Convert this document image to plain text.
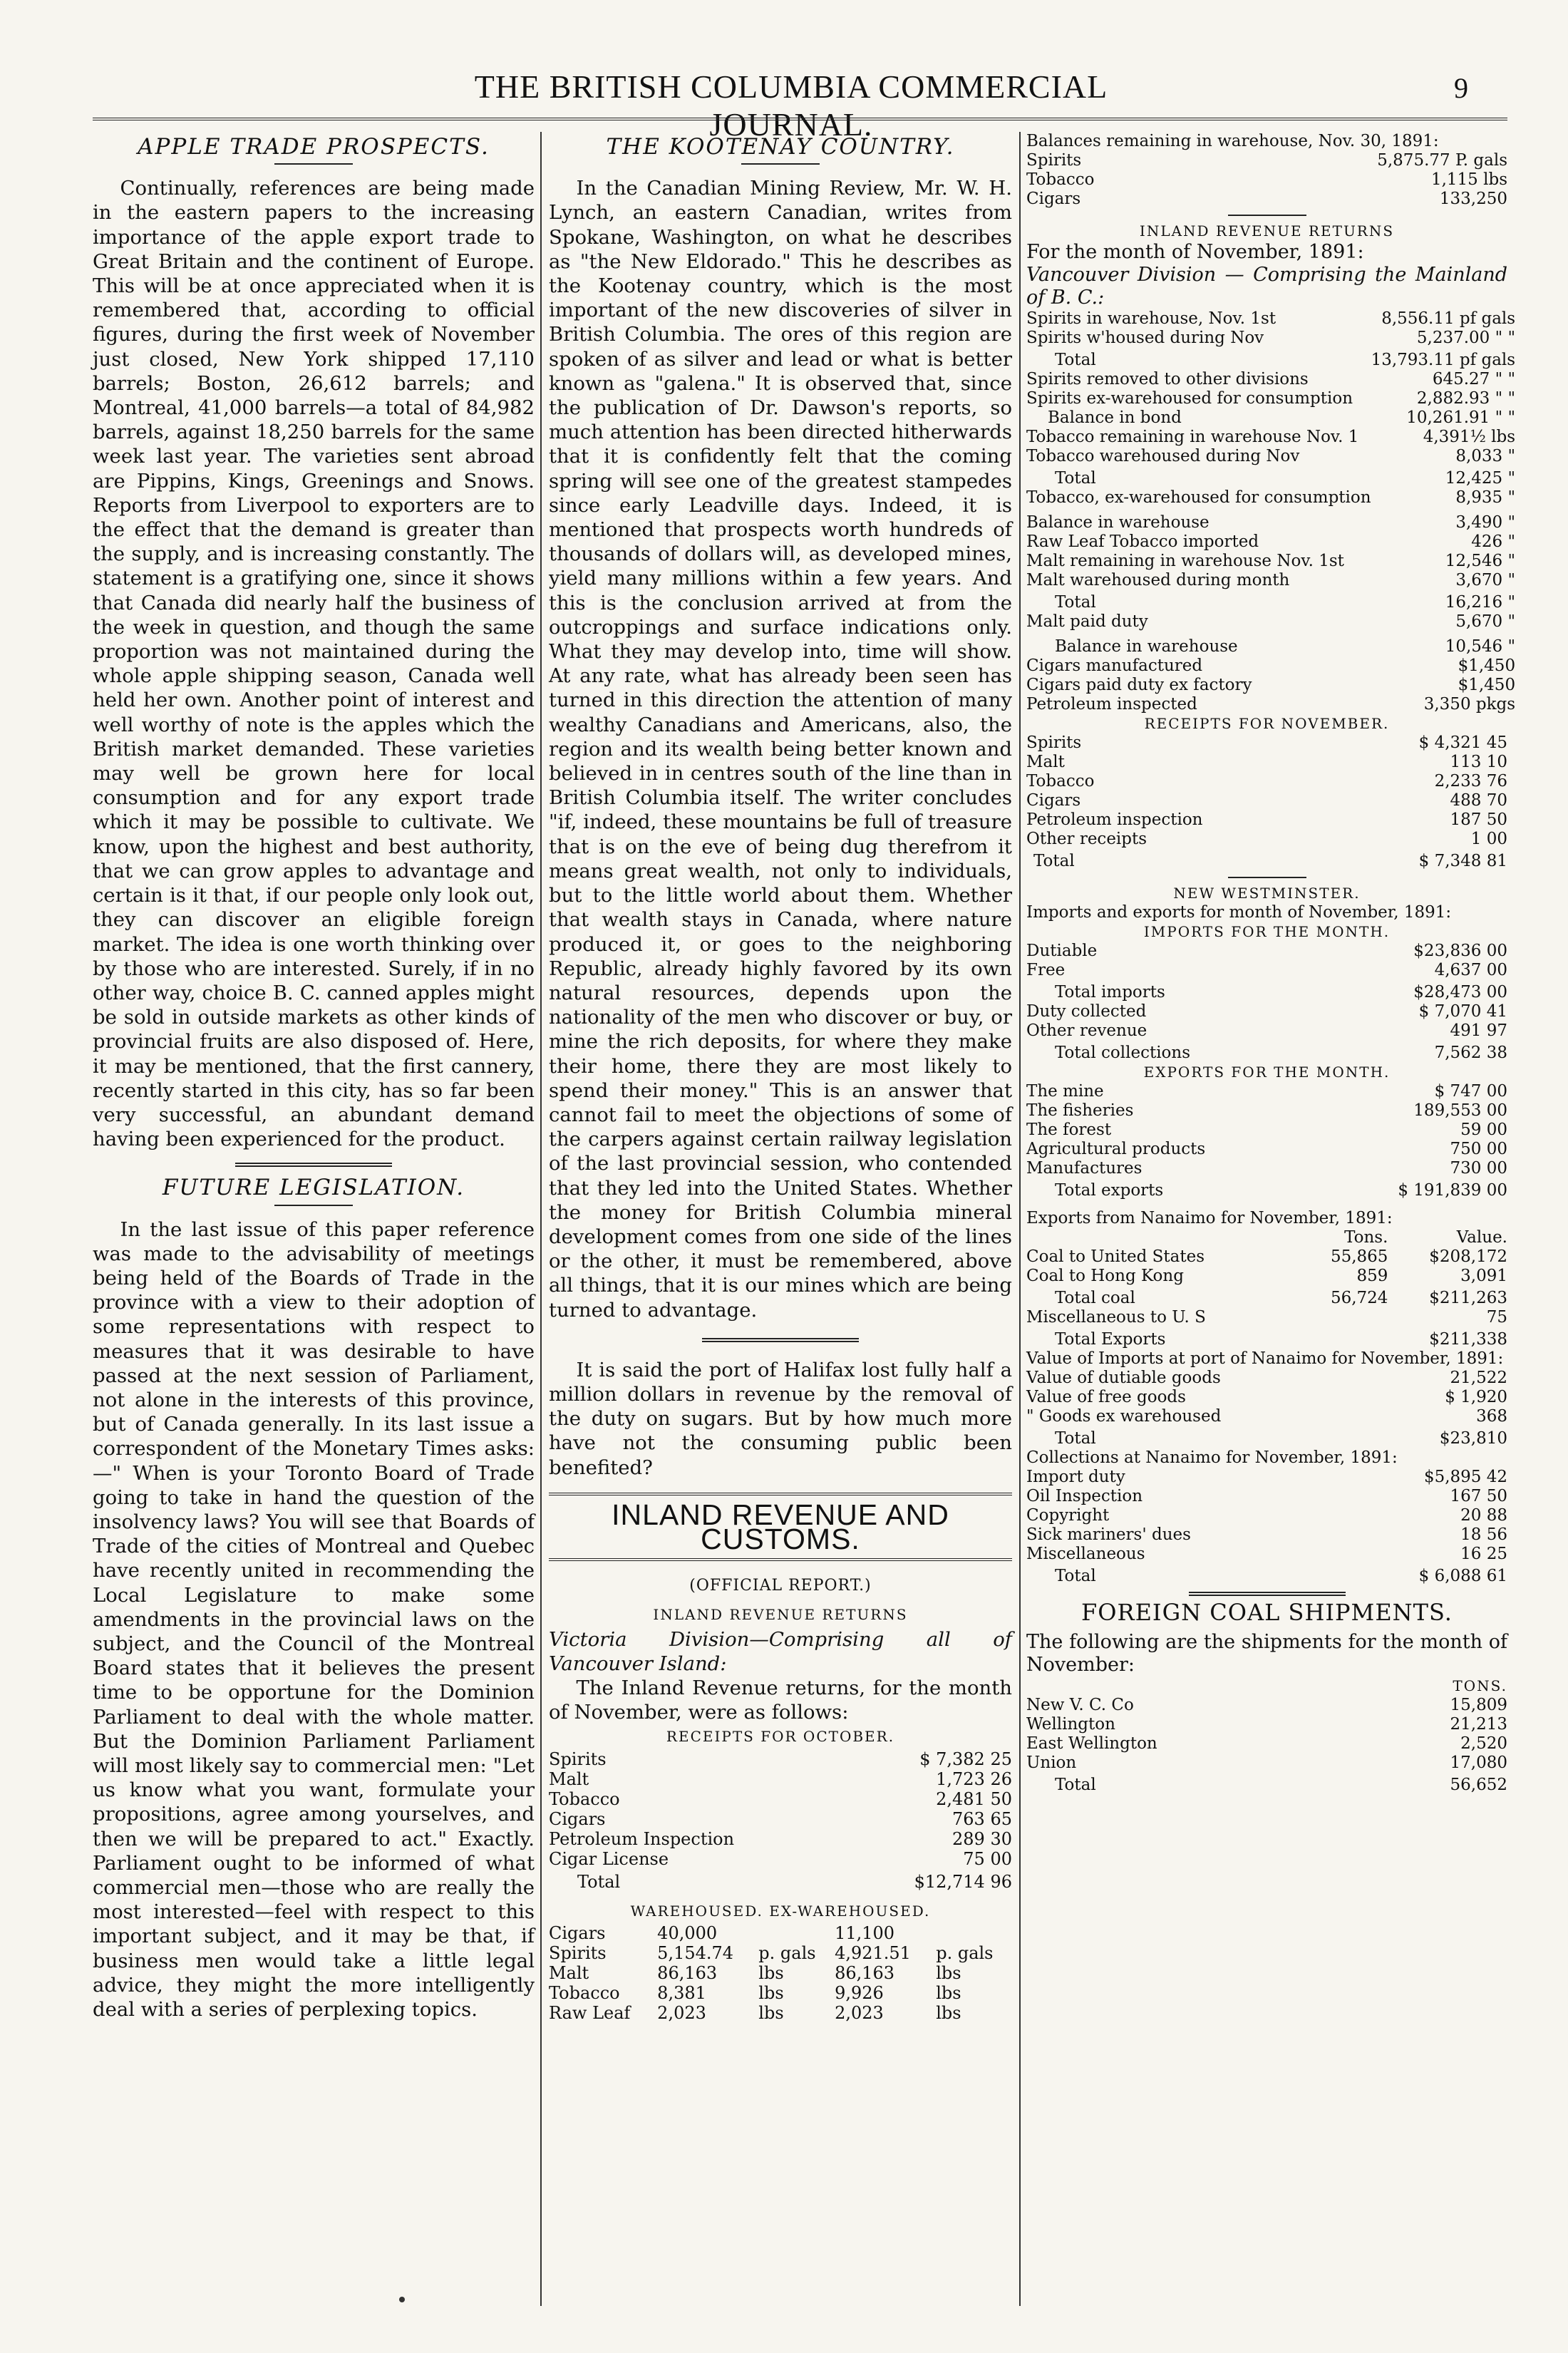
THE BRITISH COLUMBIA COMMERCIAL JOURNAL.
9
APPLE TRADE PROSPECTS.

Continually, references are being made in the eastern papers to the increasing importance of the apple export trade to Great Britain and the continent of Europe. This will be at once appreciated when it is remembered that, according to official figures, during the first week of November just closed, New York shipped 17,110 barrels; Boston, 26,612 barrels; and Montreal, 41,000 barrels—a total of 84,982 barrels, against 18,250 barrels for the same week last year. The varieties sent abroad are Pippins, Kings, Greenings and Snows. Reports from Liverpool to exporters are to the effect that the demand is greater than the supply, and is increasing constantly. The statement is a gratifying one, since it shows that Canada did nearly half the business of the week in question, and though the same proportion was not maintained during the whole apple shipping season, Canada well held her own. Another point of interest and well worthy of note is the apples which the British market demanded. These varieties may well be grown here for local consumption and for any export trade which it may be possible to cultivate. We know, upon the highest and best authority, that we can grow apples to advantage and certain is it that, if our people only look out, they can discover an eligible foreign market. The idea is one worth thinking over by those who are interested. Surely, if in no other way, choice B. C. canned apples might be sold in outside markets as other kinds of provincial fruits are also disposed of. Here, it may be mentioned, that the first cannery, recently started in this city, has so far been very successful, an abundant demand having been experienced for the product.

FUTURE LEGISLATION.

In the last issue of this paper reference was made to the advisability of meetings being held of the Boards of Trade in the province with a view to their adoption of some representations with respect to measures that it was desirable to have passed at the next session of Parliament, not alone in the interests of this province, but of Canada generally. In its last issue a correspondent of the Monetary Times asks:—" When is your Toronto Board of Trade going to take in hand the question of the insolvency laws? You will see that Boards of Trade of the cities of Montreal and Quebec have recently united in recommending the Local Legislature to make some amendments in the provincial laws on the subject, and the Council of the Montreal Board states that it believes the present time to be opportune for the Dominion Parliament to deal with the whole matter. But the Dominion Parliament Parliament will most likely say to commercial men: "Let us know what you want, formulate your propositions, agree among yourselves, and then we will be prepared to act." Exactly. Parliament ought to be informed of what commercial men—those who are really the most interested—feel with respect to this important subject, and it may be that, if business men would take a little legal advice, they might the more intelligently deal with a series of perplexing topics.

THE KOOTENAY COUNTRY.

In the Canadian Mining Review, Mr. W. H. Lynch, an eastern Canadian, writes from Spokane, Washington, on what he describes as "the New Eldorado." This he describes as the Kootenay country, which is the most important of the new discoveries of silver in British Columbia. The ores of this region are spoken of as silver and lead or what is better known as "galena." It is observed that, since the publication of Dr. Dawson's reports, so much attention has been directed hitherwards that it is confidently felt that the coming spring will see one of the greatest stampedes since early Leadville days. Indeed, it is mentioned that prospects worth hundreds of thousands of dollars will, as developed mines, yield many millions within a few years. And this is the conclusion arrived at from the outcroppings and surface indications only. What they may develop into, time will show. At any rate, what has already been seen has turned in this direction the attention of many wealthy Canadians and Americans, also, the region and its wealth being better known and believed in in centres south of the line than in British Columbia itself. The writer concludes "if, indeed, these mountains be full of treasure that is on the eve of being dug therefrom it means great wealth, not only to individuals, but to the little world about them. Whether that wealth stays in Canada, where nature produced it, or goes to the neighboring Republic, already highly favored by its own natural resources, depends upon the nationality of the men who discover or buy, or mine the rich deposits, for where they make their home, there they are most likely to spend their money." This is an answer that cannot fail to meet the objections of some of the carpers against certain railway legislation of the last provincial session, who contended that they led into the United States. Whether the money for British Columbia mineral development comes from one side of the lines or the other, it must be remembered, above all things, that it is our mines which are being turned to advantage.

It is said the port of Halifax lost fully half a million dollars in revenue by the removal of the duty on sugars. But by how much more have not the consuming public been benefited?

INLAND REVENUE AND CUSTOMS.
(OFFICIAL REPORT.)
INLAND REVENUE RETURNS
Victoria Division—Comprising all of Vancouver Island:

The Inland Revenue returns, for the month of November, were as follows:

RECEIPTS FOR OCTOBER.
Spirits	$ 7,382 25
Malt	1,723 26
Tobacco	2,481 50
Cigars	763 65
Petroleum Inspection	289 30
Cigar License	75 00
Total	$12,714 96
WAREHOUSED. EX-WAREHOUSED.
Cigars	40,000		11,100	
Spirits	5,154.74	p. gals	4,921.51	p. gals
Malt	86,163	lbs	86,163	lbs
Tobacco	8,381	lbs	9,926	lbs
Raw Leaf	2,023	lbs	2,023	lbs
Balances remaining in warehouse, Nov. 30, 1891:
Spirits	5,875.77 P. gals
Tobacco	1,115 lbs
Cigars	133,250
INLAND REVENUE RETURNS
For the month of November, 1891:
Vancouver Division — Comprising the Mainland of B. C.:
Spirits in warehouse, Nov. 1st	8,556.11 pf gals
Spirits w'housed during Nov	5,237.00 " "
Total	13,793.11 pf gals
Spirits removed to other divisions	645.27 " "
Spirits ex-warehoused for consumption	2,882.93 " "
Balance in bond	10,261.91 " "
Tobacco remaining in warehouse Nov. 1	4,391½ lbs
Tobacco warehoused during Nov	8,033 "
Total	12,425 "
Tobacco, ex-warehoused for consumption	8,935 "
Balance in warehouse	3,490 "
Raw Leaf Tobacco imported	426 "
Malt remaining in warehouse Nov. 1st	12,546 "
Malt warehoused during month	3,670 "
Total	16,216 "
Malt paid duty	5,670 "
Balance in warehouse	10,546 "
Cigars manufactured	$1,450
Cigars paid duty ex factory	$1,450
Petroleum inspected	3,350 pkgs
RECEIPTS FOR NOVEMBER.
Spirits	$ 4,321 45
Malt	113 10
Tobacco	2,233 76
Cigars	488 70
Petroleum inspection	187 50
Other receipts	1 00
Total	$ 7,348 81
NEW WESTMINSTER.
Imports and exports for month of November, 1891:
IMPORTS FOR THE MONTH.
Dutiable	$23,836 00
Free	4,637 00
Total imports	$28,473 00
Duty collected	$ 7,070 41
Other revenue	491 97
Total collections	7,562 38
EXPORTS FOR THE MONTH.
The mine	$ 747 00
The fisheries	189,553 00
The forest	59 00
Agricultural products	750 00
Manufactures	730 00
Total exports	$ 191,839 00
Exports from Nanaimo for November, 1891:
	Tons.	Value.
Coal to United States	55,865	$208,172
Coal to Hong Kong	859	3,091
Total coal	56,724	$211,263
Miscellaneous to U. S		75
Total Exports		$211,338
Value of Imports at port of Nanaimo for November, 1891:
Value of dutiable goods	21,522
Value of free goods	$ 1,920
" Goods ex warehoused	368
Total	$23,810
Collections at Nanaimo for November, 1891:
Import duty	$5,895 42
Oil Inspection	167 50
Copyright	20 88
Sick mariners' dues	18 56
Miscellaneous	16 25
Total	$ 6,088 61
FOREIGN COAL SHIPMENTS.
The following are the shipments for the month of November:
	TONS.
New V. C. Co	15,809
Wellington	21,213
East Wellington	2,520
Union	17,080
Total	56,652
